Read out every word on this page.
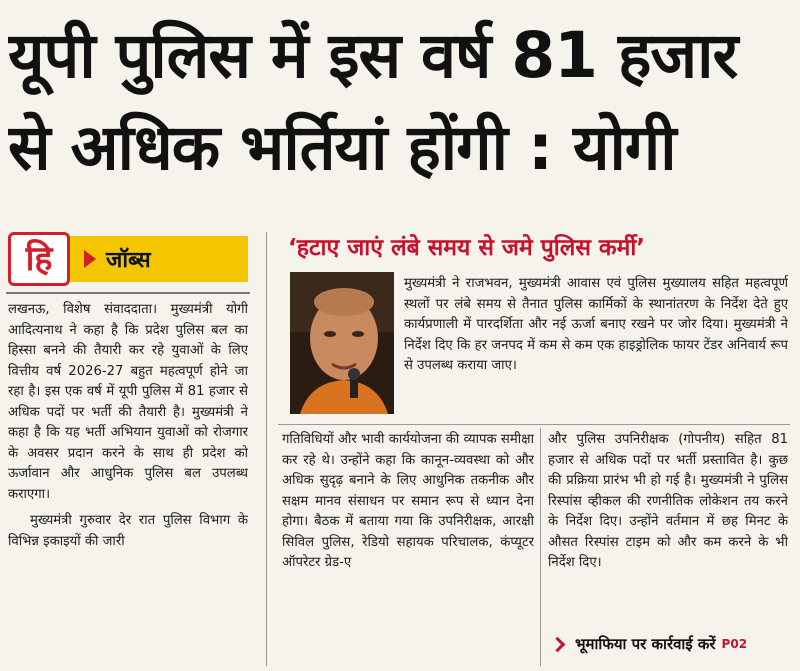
यूपी पुलिस में इस वर्ष 81 हजार
से अधिक भर्तियां होंगी : योगी
हि जॉब्स

लखनऊ, विशेष संवाददाता। मुख्यमंत्री योगी आदित्यनाथ ने कहा है कि प्रदेश पुलिस बल का हिस्सा बनने की तैयारी कर रहे युवाओं के लिए वित्तीय वर्ष 2026-27 बहुत महत्वपूर्ण होने जा रहा है। इस एक वर्ष में यूपी पुलिस में 81 हजार से अधिक पदों पर भर्ती की तैयारी है। मुख्यमंत्री ने कहा है कि यह भर्ती अभियान युवाओं को रोजगार के अवसर प्रदान करने के साथ ही प्रदेश को ऊर्जावान और आधुनिक पुलिस बल उपलब्ध कराएगा।

मुख्यमंत्री गुरुवार देर रात पुलिस विभाग के विभिन्न इकाइयों की जारी

‘हटाए जाएं लंबे समय से जमे पुलिस कर्मी’

मुख्यमंत्री ने राजभवन, मुख्यमंत्री आवास एवं पुलिस मुख्यालय सहित महत्वपूर्ण स्थलों पर लंबे समय से तैनात पुलिस कार्मिकों के स्थानांतरण के निर्देश देते हुए कार्यप्रणाली में पारदर्शिता और नई ऊर्जा बनाए रखने पर जोर दिया। मुख्यमंत्री ने निर्देश दिए कि हर जनपद में कम से कम एक हाइड्रोलिक फायर टेंडर अनिवार्य रूप से उपलब्ध कराया जाए।

गतिविधियों और भावी कार्ययोजना की व्यापक समीक्षा कर रहे थे। उन्होंने कहा कि कानून-व्यवस्था को और अधिक सुदृढ़ बनाने के लिए आधुनिक तकनीक और सक्षम मानव संसाधन पर समान रूप से ध्यान देना होगा। बैठक में बताया गया कि उपनिरीक्षक, आरक्षी सिविल पुलिस, रेडियो सहायक परिचालक, कंप्यूटर ऑपरेटर ग्रेड-ए

और पुलिस उपनिरीक्षक (गोपनीय) सहित 81 हजार से अधिक पदों पर भर्ती प्रस्तावित है। कुछ की प्रक्रिया प्रारंभ भी हो गई है। मुख्यमंत्री ने पुलिस रिस्पांस व्हीकल की रणनीतिक लोकेशन तय करने के निर्देश दिए। उन्होंने वर्तमान में छह मिनट के औसत रिस्पांस टाइम को और कम करने के भी निर्देश दिए।

भूमाफिया पर कार्रवाई करें P02
